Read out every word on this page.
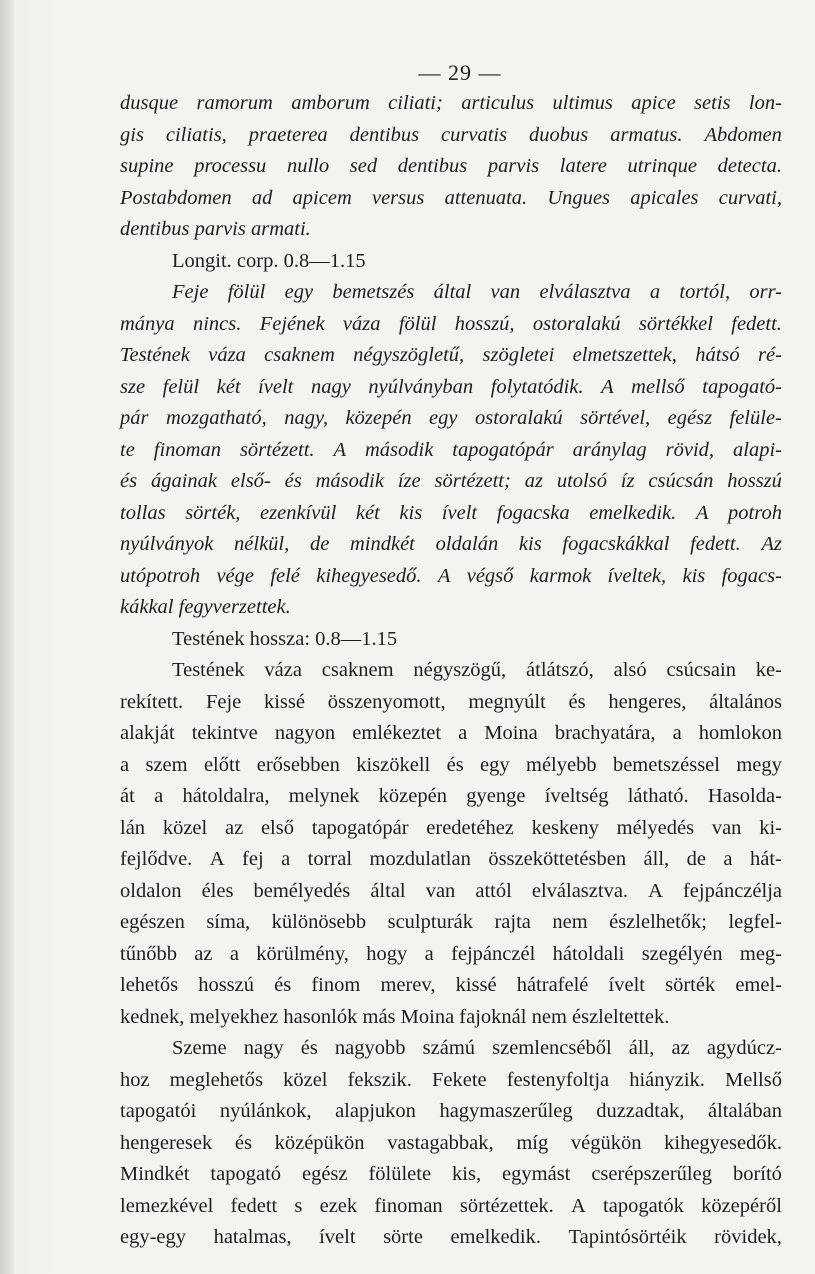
— 29 —
dusque ramorum amborum ciliati; articulus ultimus apice setis lon-
gis ciliatis, praeterea dentibus curvatis duobus armatus. Abdomen
supine processu nullo sed dentibus parvis latere utrinque detecta.
Postabdomen ad apicem versus attenuata. Ungues apicales curvati,
dentibus parvis armati.
Longit. corp. 0.8—1.15
Feje fölül egy bemetszés által van elválasztva a tortól, orr-
mánya nincs. Fejének váza fölül hosszú, ostoralakú sörtékkel fedett.
Testének váza csaknem négyszögletű, szögletei elmetszettek, hátsó ré-
sze felül két ívelt nagy nyúlványban folytatódik. A mellső tapogató-
pár mozgatható, nagy, közepén egy ostoralakú sörtével, egész felüle-
te finoman sörtézett. A második tapogatópár aránylag rövid, alapi-
és ágainak első- és második íze sörtézett; az utolsó íz csúcsán hosszú
tollas sörték, ezenkívül két kis ívelt fogacska emelkedik. A potroh
nyúlványok nélkül, de mindkét oldalán kis fogacskákkal fedett. Az
utópotroh vége felé kihegyesedő. A végső karmok íveltek, kis fogacs-
kákkal fegyverzettek.
Testének hossza: 0.8—1.15
Testének váza csaknem négyszögű, átlátszó, alsó csúcsain ke-
rekített. Feje kissé összenyomott, megnyúlt és hengeres, általános
alakját tekintve nagyon emlékeztet a Moina brachyatára, a homlokon
a szem előtt erősebben kiszökell és egy mélyebb bemetszéssel megy
át a hátoldalra, melynek közepén gyenge íveltség látható. Hasolda-
lán közel az első tapogatópár eredetéhez keskeny mélyedés van ki-
fejlődve. A fej a torral mozdulatlan összeköttetésben áll, de a hát-
oldalon éles bemélyedés által van attól elválasztva. A fejpánczélja
egészen síma, különösebb sculpturák rajta nem észlelhetők; legfel-
tűnőbb az a körülmény, hogy a fejpánczél hátoldali szegélyén meg-
lehetős hosszú és finom merev, kissé hátrafelé ívelt sörték emel-
kednek, melyekhez hasonlók más Moina fajoknál nem észleltettek.
Szeme nagy és nagyobb számú szemlencséből áll, az agydúcz-
hoz meglehetős közel fekszik. Fekete festenyfoltja hiányzik. Mellső
tapogatói nyúlánkok, alapjukon hagymaszerűleg duzzadtak, általában
hengeresek és középükön vastagabbak, míg végükön kihegyesedők.
Mindkét tapogató egész fölülete kis, egymást cserépszerűleg borító
lemezkével fedett s ezek finoman sörtézettek. A tapogatók közepéről
egy-egy hatalmas, ívelt sörte emelkedik. Tapintósörtéik rövidek,
